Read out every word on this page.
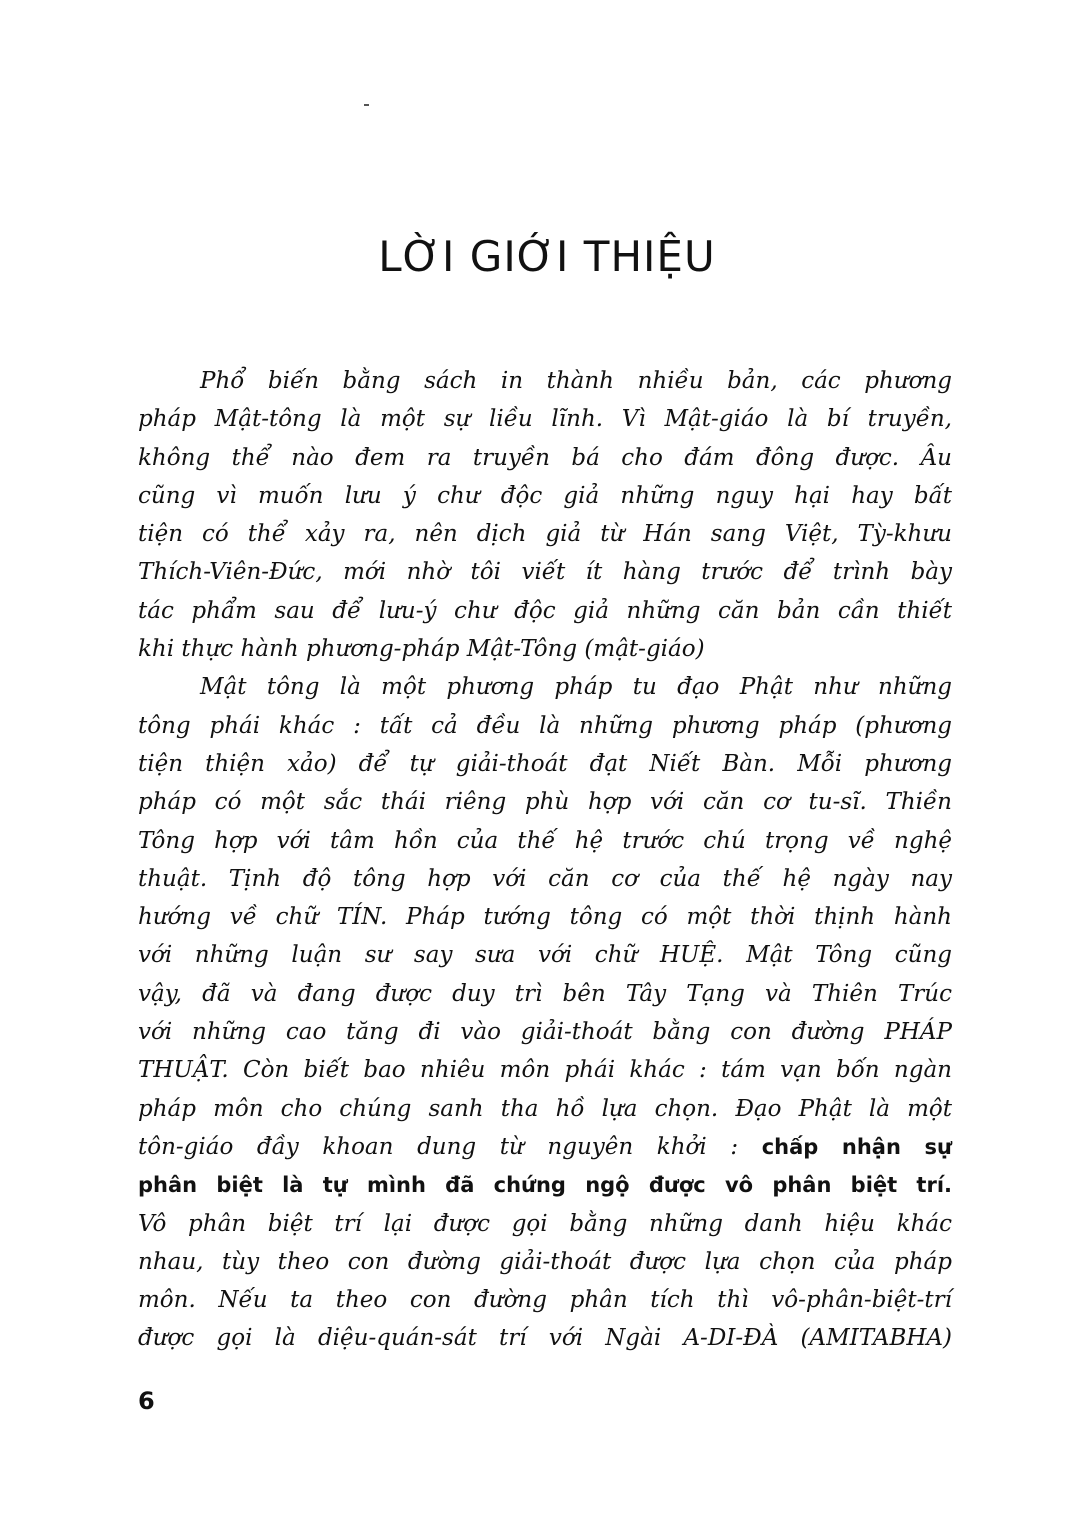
LỜI GIỚI THIỆU
Phổ biến bằng sách in thành nhiều bản, các phương
pháp Mật-tông là một sự liều lĩnh. Vì Mật-giáo là bí truyền,
không thể nào đem ra truyền bá cho đám đông được. Âu
cũng vì muốn lưu ý chư độc giả những nguy hại hay bất
tiện có thể xảy ra, nên dịch giả từ Hán sang Việt, Tỳ-khưu
Thích-Viên-Đức, mới nhờ tôi viết ít hàng trước để trình bày
tác phẩm sau để lưu-ý chư độc giả những căn bản cần thiết
khi thực hành phương-pháp Mật-Tông (mật-giáo)
Mật tông là một phương pháp tu đạo Phật như những
tông phái khác : tất cả đều là những phương pháp (phương
tiện thiện xảo) để tự giải-thoát đạt Niết Bàn. Mỗi phương
pháp có một sắc thái riêng phù hợp với căn cơ tu-sĩ. Thiền
Tông hợp với tâm hồn của thế hệ trước chú trọng về nghệ
thuật. Tịnh độ tông hợp với căn cơ của thế hệ ngày nay
hướng về chữ TÍN. Pháp tướng tông có một thời thịnh hành
với những luận sư say sưa với chữ HUỆ. Mật Tông cũng
vậy, đã và đang được duy trì bên Tây Tạng và Thiên Trúc
với những cao tăng đi vào giải-thoát bằng con đường PHÁP
THUẬT. Còn biết bao nhiêu môn phái khác : tám vạn bốn ngàn
pháp môn cho chúng sanh tha hồ lựa chọn. Đạo Phật là một
tôn-giáo đầy khoan dung từ nguyên khởi : chấp nhận sự
phân biệt là tự mình đã chứng ngộ được vô phân biệt trí.
Vô phân biệt trí lại được gọi bằng những danh hiệu khác
nhau, tùy theo con đường giải-thoát được lựa chọn của pháp
môn. Nếu ta theo con đường phân tích thì vô-phân-biệt-trí
được gọi là diệu-quán-sát trí với Ngài A-DI-ĐÀ (AMITABHA)
6
